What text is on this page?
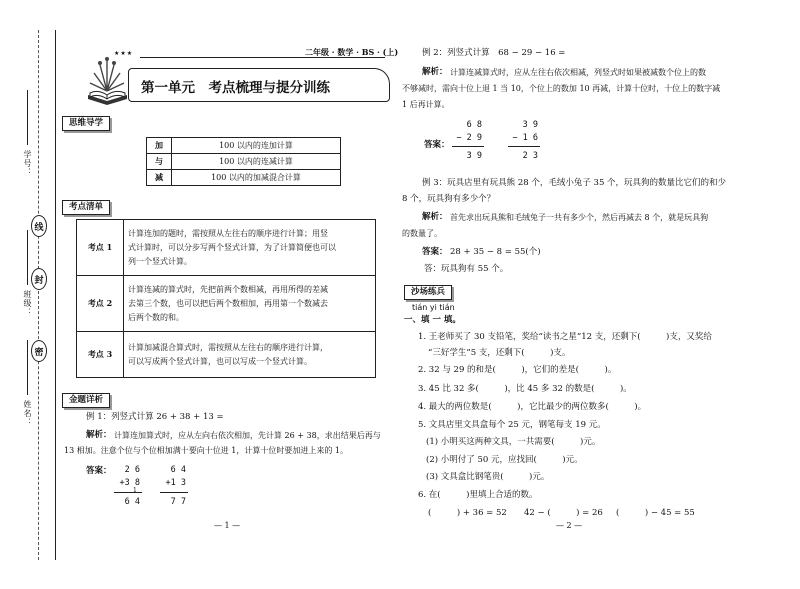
学号：
班级：
姓名：
线
封
密
二年级 · 数学 · BS · (上)
★★★
第一单元　考点梳理与提分训练
思维导学
加	100 以内的连加计算
与	100 以内的连减计算
减	100 以内的加减混合计算
考点清单
考点 1	计算连加的题时，需按照从左往右的顺序进行计算；用竖
式计算时，可以分步写两个竖式计算，为了计算简便也可以
列一个竖式计算。

考点 2	计算连减的算式时，先把前两个数相减，再用所得的差减
去第三个数，也可以把后两个数相加，再用第一个数减去
后两个数的和。

考点 3	计算加减混合算式时，需按照从左往右的顺序进行计算，
可以写成两个竖式计算，也可以写成一个竖式计算。
金题详析
例 1：列竖式计算 26 + 38 + 13 =
解析： 计算连加算式时，应从左向右依次相加，先计算 26 + 38，求出结果后再与
13 相加。注意个位与个位相加满十要向十位进 1，计算十位时要加进上来的 1。
答案：	2 6
+3 8
1
6 4
6 4
+1 3
7 7
— 1 —
例 2：列竖式计算　68 − 29 − 16 =
解析： 计算连减算式时，应从左往右依次相减，列竖式时如果被减数个位上的数
不够减时，需向十位上退 1 当 10，个位上的数加 10 再减，计算十位时，十位上的数字减
1 后再计算。
答案：
6 8
− 2 9
3 9
3 9
− 1 6
2 3
例 3：玩具店里有玩具熊 28 个，毛绒小兔子 35 个，玩具狗的数量比它们的和少
8 个，玩具狗有多少个？
解析： 首先求出玩具熊和毛绒兔子一共有多少个，然后再减去 8 个，就是玩具狗
的数量了。
答案： 28 + 35 − 8 = 55(个)
答：玩具狗有 55 个。
沙场练兵
tián yi tián
一、填 一 填。
1. 王老师买了 30 支铅笔，奖给“读书之星”12 支，还剩下(　　　)支，又奖给
“三好学生”5 支，还剩下(　　　)支。
2. 32 与 29 的和是(　　　)，它们的差是(　　　)。
3. 45 比 32 多(　　　)，比 45 多 32 的数是(　　　)。
4. 最大的两位数是(　　　)，它比最少的两位数多(　　　)。
5. 文具店里文具盒每个 25 元，钢笔每支 19 元。
(1) 小明买这两种文具，一共需要(　　　)元。
(2) 小明付了 50 元，应找回(　　　)元。
(3) 文具盒比钢笔贵(　　　)元。
6. 在(　　　)里填上合适的数。
(　　　) + 36 = 52 42 − (　　　) = 26 (　　　) − 45 = 55
— 2 —
